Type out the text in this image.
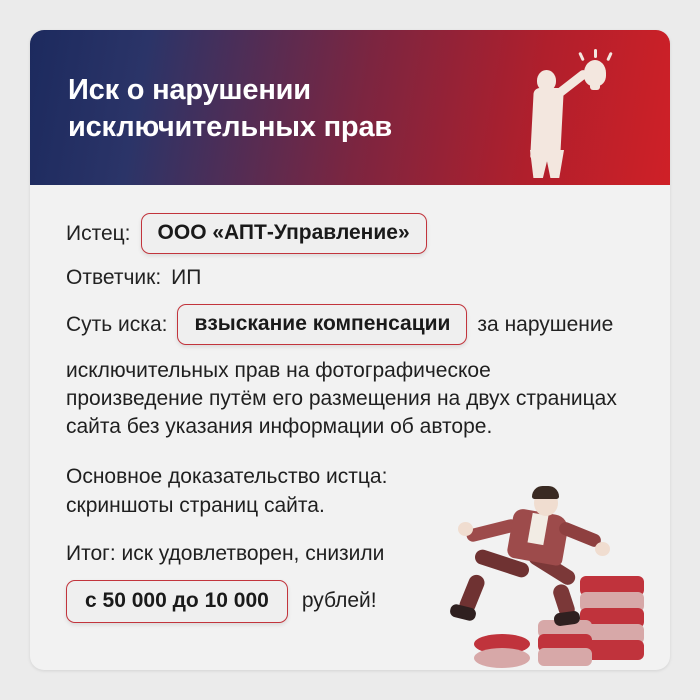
Иск о нарушении исключительных прав
Истец:	ООО «АПТ-Управление»
Ответчик: ИП
Суть иска:	взыскание компенсации	за нарушение
исключительных прав на фотографическое произведение путём его размещения на двух страницах сайта без указания информации об авторе.
Основное доказательство истца: скриншоты страниц сайта.
Итог: иск удовлетворен, снизили
с 50 000 до 10 000	рублей!
